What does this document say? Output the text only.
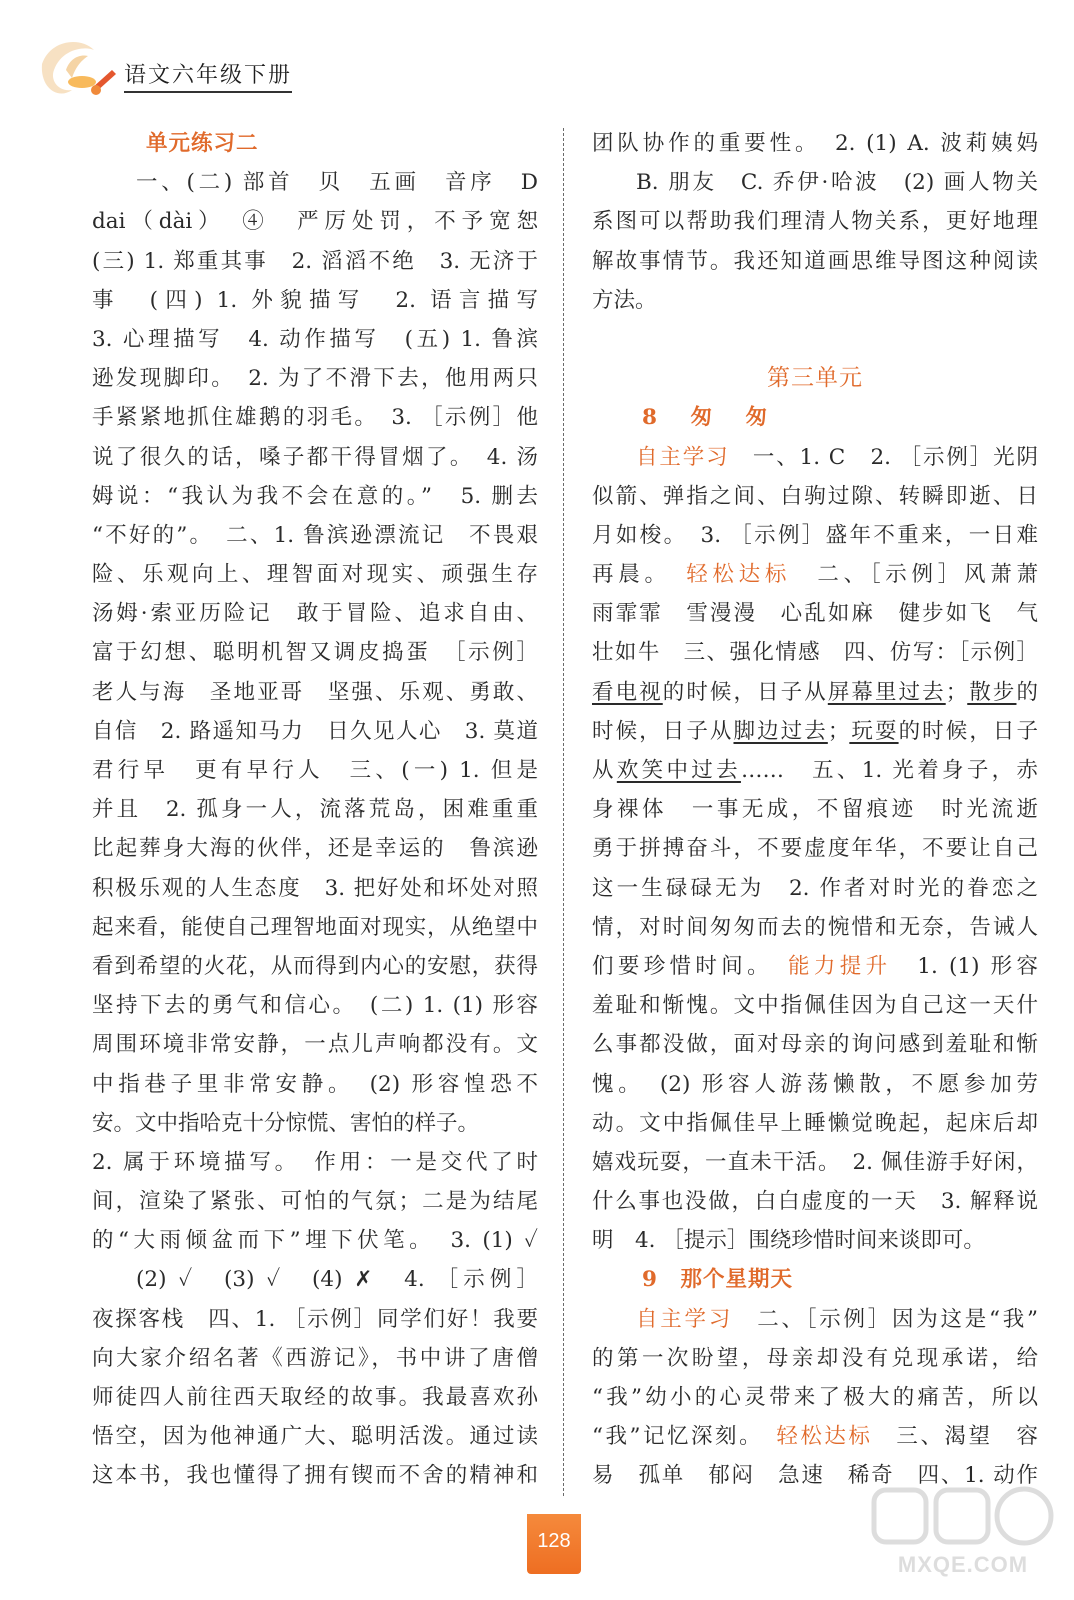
语文六年级下册
单元练习二
一、(二) 部首　贝　五画　音序　D
dai（dài）　④　严厉处罚，不予宽恕
(三) 1. 郑重其事　2. 滔滔不绝　3. 无济于
事　(四) 1. 外貌描写　2. 语言描写
3. 心理描写　4. 动作描写　(五) 1. 鲁滨
逊发现脚印。　2. 为了不滑下去，他用两只
手紧紧地抓住雄鹅的羽毛。　3. ［示例］他
说了很久的话，嗓子都干得冒烟了。　4. 汤
姆说：“我认为我不会在意的。”　5. 删去
“不好的”。　二、1. 鲁滨逊漂流记　不畏艰
险、乐观向上、理智面对现实、顽强生存
汤姆·索亚历险记　敢于冒险、追求自由、
富于幻想、聪明机智又调皮捣蛋　［示例］
老人与海　圣地亚哥　坚强、乐观、勇敢、
自信　2. 路遥知马力　日久见人心　3. 莫道
君行早　更有早行人　三、(一) 1. 但是
并且　2. 孤身一人，流落荒岛，困难重重
比起葬身大海的伙伴，还是幸运的　鲁滨逊
积极乐观的人生态度　3. 把好处和坏处对照
起来看，能使自己理智地面对现实，从绝望中
看到希望的火花，从而得到内心的安慰，获得
坚持下去的勇气和信心。　(二) 1. (1) 形容
周围环境非常安静，一点儿声响都没有。文
中指巷子里非常安静。　(2) 形容惶恐不
安。文中指哈克十分惊慌、害怕的样子。
2. 属于环境描写。　作用：一是交代了时
间，渲染了紧张、可怕的气氛；二是为结尾
的“大雨倾盆而下”埋下伏笔。　3. (1) ✓
(2) ✓　(3) ✓　(4) ✗　4. ［示例］
夜探客栈　四、1. ［示例］同学们好！我要
向大家介绍名著《西游记》，书中讲了唐僧
师徒四人前往西天取经的故事。我最喜欢孙
悟空，因为他神通广大、聪明活泼。通过读
这本书，我也懂得了拥有锲而不舍的精神和
团队协作的重要性。　2. (1) A. 波莉姨妈
B. 朋友　C. 乔伊·哈波　(2) 画人物关
系图可以帮助我们理清人物关系，更好地理
解故事情节。我还知道画思维导图这种阅读
方法。
第三单元
8　匆　匆
自主学习　一、1. C　2. ［示例］光阴
似箭、弹指之间、白驹过隙、转瞬即逝、日
月如梭。　3. ［示例］盛年不重来，一日难
再晨。　轻松达标　二、［示例］风萧萧
雨霏霏　雪漫漫　心乱如麻　健步如飞　气
壮如牛　三、强化情感　四、仿写：［示例］
看电视的时候，日子从屏幕里过去；散步的
时候，日子从脚边过去；玩耍的时候，日子
从欢笑中过去……　五、1. 光着身子，赤
身裸体　一事无成，不留痕迹　时光流逝
勇于拼搏奋斗，不要虚度年华，不要让自己
这一生碌碌无为　2. 作者对时光的眷恋之
情，对时间匆匆而去的惋惜和无奈，告诫人
们要珍惜时间。　能力提升　1. (1) 形容
羞耻和惭愧。文中指佩佳因为自己这一天什
么事都没做，面对母亲的询问感到羞耻和惭
愧。　(2) 形容人游荡懒散，不愿参加劳
动。文中指佩佳早上睡懒觉晚起，起床后却
嬉戏玩耍，一直未干活。　2. 佩佳游手好闲，
什么事也没做，白白虚度的一天　3. 解释说
明　4. ［提示］围绕珍惜时间来谈即可。
9　那个星期天
自主学习　二、［示例］因为这是“我”
的第一次盼望，母亲却没有兑现承诺，给
“我”幼小的心灵带来了极大的痛苦，所以
“我”记忆深刻。　轻松达标　三、渴望　容
易　孤单　郁闷　急速　稀奇　四、1. 动作
128
MXQE.COM
